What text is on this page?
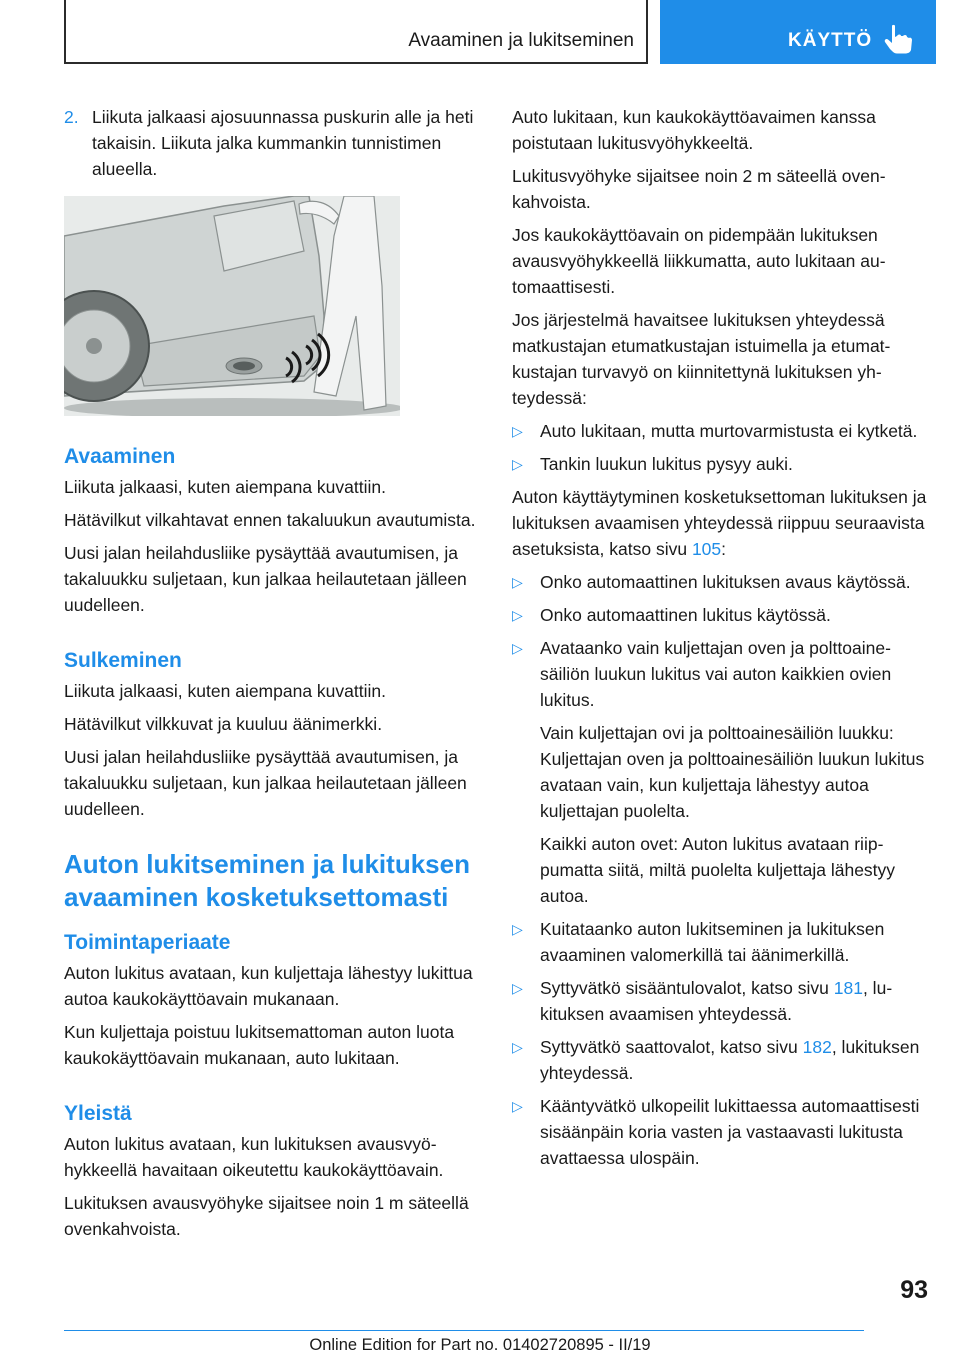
Avaaminen ja lukitseminen	KÄYTTÖ
2. Liikuta jalkaasi ajosuunnassa puskurin alle ja heti takaisin. Liikuta jalka kummankin tunnistimen alueella.
Avaaminen

Liikuta jalkaasi, kuten aiempana kuvattiin.

Hätävilkut vilkahtavat ennen takaluukun avautumista.

Uusi jalan heilahdusliike pysäyttää avautumisen, ja takaluukku suljetaan, kun jalkaa heilautetaan jälleen uudelleen.

Sulkeminen

Liikuta jalkaasi, kuten aiempana kuvattiin.

Hätävilkut vilkkuvat ja kuuluu äänimerkki.

Uusi jalan heilahdusliike pysäyttää avautumisen, ja takaluukku suljetaan, kun jalkaa heilautetaan jälleen uudelleen.

Auton lukitseminen ja lukituksen avaaminen kosketuksettomasti
Toimintaperiaate

Auton lukitus avataan, kun kuljettaja lähestyy lukittua autoa kaukokäyttöavain mukanaan.

Kun kuljettaja poistuu lukitsemattoman auton luota kaukokäyttöavain mukanaan, auto lukitaan.

Yleistä

Auton lukitus avataan, kun lukituksen avausvyöhykkeellä havaitaan oikeutettu kaukokäyttöavain.

Lukituksen avausvyöhyke sijaitsee noin 1 m säteellä ovenkahvoista.

Auto lukitaan, kun kaukokäyttöavaimen kanssa poistutaan lukitusvyöhykkeeltä.

Lukitusvyöhyke sijaitsee noin 2 m säteellä ovenkahvoista.

Jos kaukokäyttöavain on pidempään lukituksen avausvyöhykkeellä liikkumatta, auto lukitaan automaattisesti.

Jos järjestelmä havaitsee lukituksen yhteydessä matkustajan etumatkustajan istuimella ja etumatkustajan turvavyö on kiinnitettynä lukituksen yhteydessä:

▷ Auto lukitaan, mutta murtovarmistusta ei kytketä.
▷ Tankin luukun lukitus pysyy auki.

Auton käyttäytyminen kosketuksettoman lukituksen ja lukituksen avaamisen yhteydessä riippuu seuraavista asetuksista, katso sivu 105:

▷ Onko automaattinen lukituksen avaus käytössä.
▷ Onko automaattinen lukitus käytössä.
▷ Avataanko vain kuljettajan oven ja polttoainesäiliön luukun lukitus vai auton kaikkien ovien lukitus.

Vain kuljettajan ovi ja polttoainesäiliön luukku: Kuljettajan oven ja polttoainesäiliön luukun lukitus avataan vain, kun kuljettaja lähestyy autoa kuljettajan puolelta.

Kaikki auton ovet: Auton lukitus avataan riippumatta siitä, miltä puolelta kuljettaja lähestyy autoa.

▷ Kuitataanko auton lukitseminen ja lukituksen avaaminen valomerkillä tai äänimerkillä.
▷ Syttyvätkö sisääntulovalot, katso sivu 181, lukituksen avaamisen yhteydessä.
▷ Syttyvätkö saattovalot, katso sivu 182, lukituksen yhteydessä.
▷ Kääntyvätkö ulkopeilit lukittaessa automaattisesti sisäänpäin koria vasten ja vastaavasti lukitusta avattaessa ulospäin.
93
Online Edition for Part no. 01402720895 - II/19
